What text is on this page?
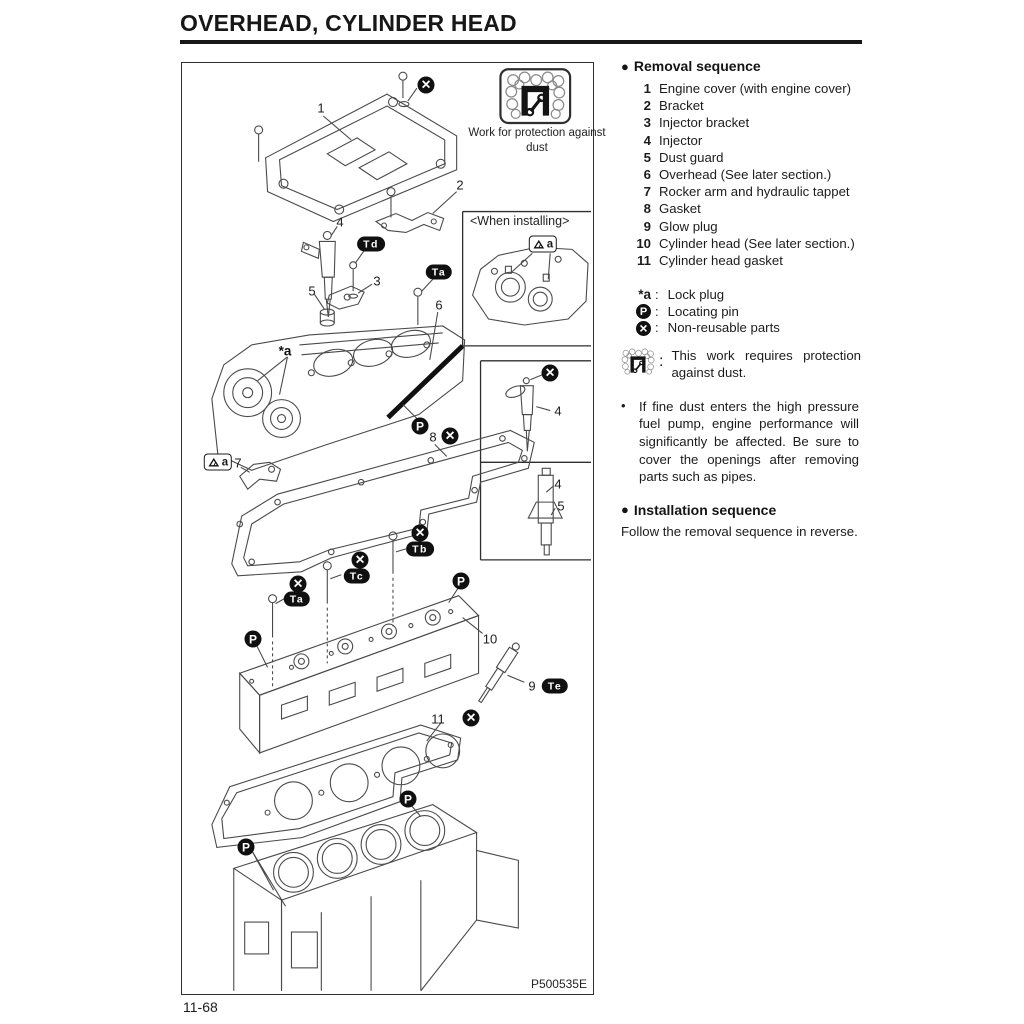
OVERHEAD, CYLINDER HEAD
Work for protection against dust
<When installing>
P500535E
×
1
2
4
Td
Ta
3
5
6
*a
P
8 ×
a 7
×
Tb
×
Tc
×
Ta
P
P	10
9	Te
11 ×
P
P
a
×
4
4
5
● Removal sequence
1 Engine cover (with engine cover)
2 Bracket
3 Injector bracket
4 Injector
5 Dust guard
6 Overhead (See later section.)
7 Rocker arm and hydraulic tappet
8 Gasket
9 Glow plug
10 Cylinder head (See later section.)
11 Cylinder head gasket
*a : Lock plug
P : Locating pin
× : Non-reusable parts
: This work requires protection against dust.
•	If fine dust enters the high pressure fuel pump, engine performance will significantly be affected. Be sure to cover the openings after removing parts such as pipes.
● Installation sequence
Follow the removal sequence in reverse.
11-68
